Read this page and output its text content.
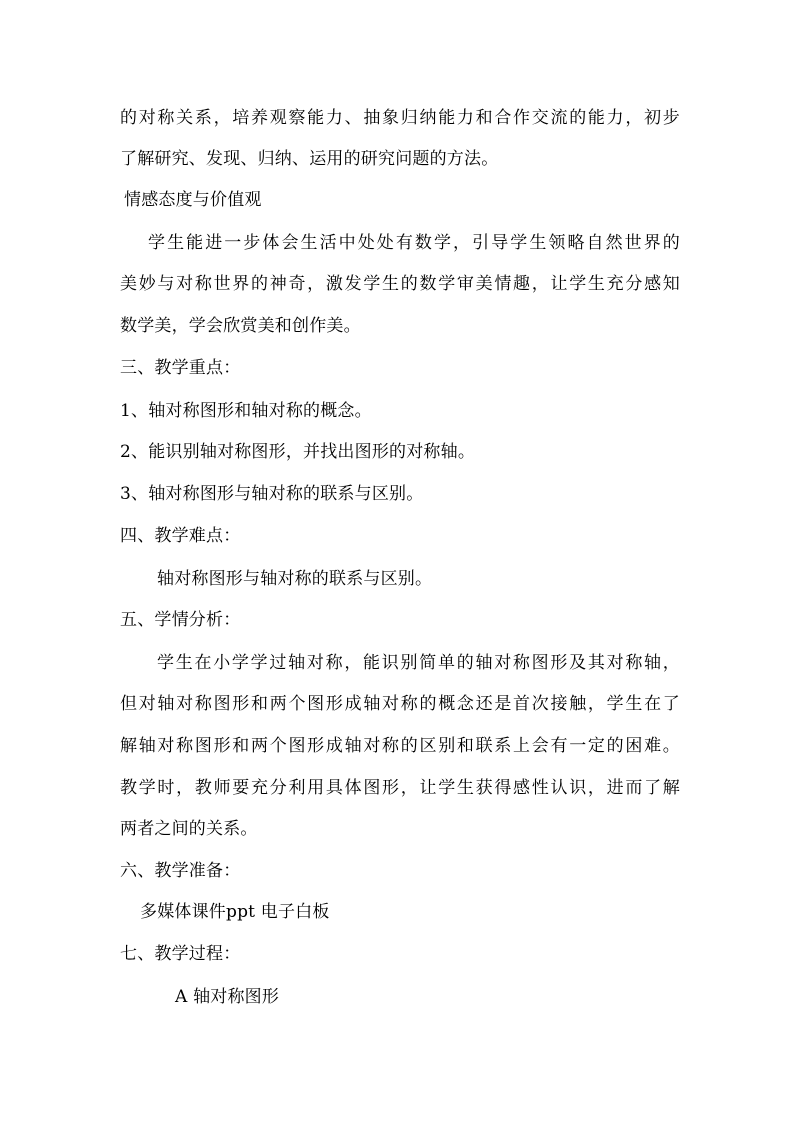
的对称关系，培养观察能力、抽象归纳能力和合作交流的能力，初步
了解研究、发现、归纳、运用的研究问题的方法。
情感态度与价值观
学生能进一步体会生活中处处有数学，引导学生领略自然世界的
美妙与对称世界的神奇，激发学生的数学审美情趣，让学生充分感知
数学美，学会欣赏美和创作美。
三、教学重点：
1、轴对称图形和轴对称的概念。
2、能识别轴对称图形，并找出图形的对称轴。
3、轴对称图形与轴对称的联系与区别。
四、教学难点：
轴对称图形与轴对称的联系与区别。
五、学情分析：
学生在小学学过轴对称，能识别简单的轴对称图形及其对称轴，
但对轴对称图形和两个图形成轴对称的概念还是首次接触，学生在了
解轴对称图形和两个图形成轴对称的区别和联系上会有一定的困难。
教学时，教师要充分利用具体图形，让学生获得感性认识，进而了解
两者之间的关系。
六、教学准备：
多媒体课件ppt 电子白板
七、教学过程：
A 轴对称图形
